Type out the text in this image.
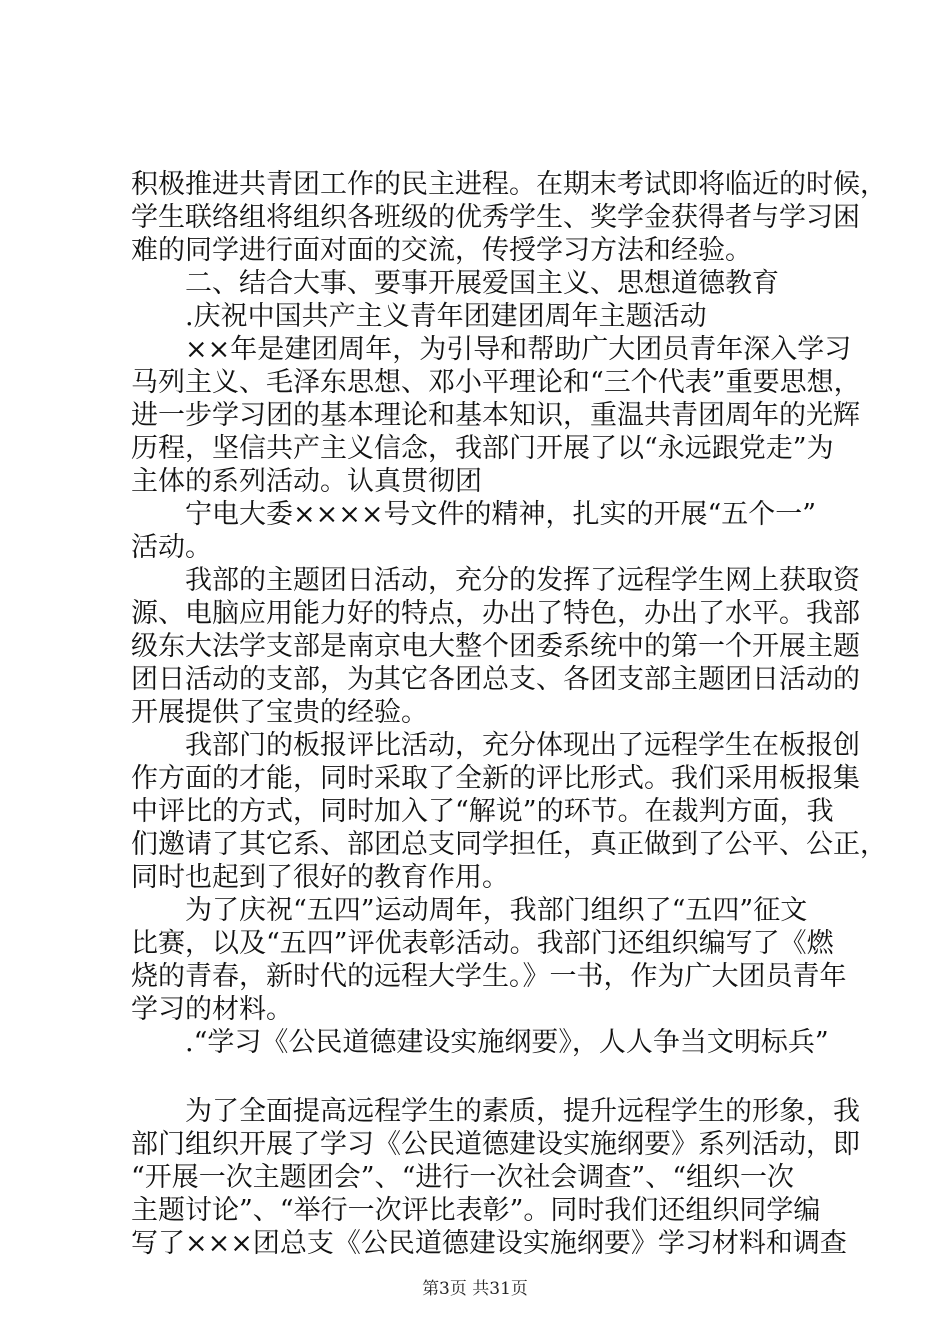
积极推进共青团工作的民主进程。在期末考试即将临近的时候，
学生联络组将组织各班级的优秀学生、奖学金获得者与学习困
难的同学进行面对面的交流，传授学习方法和经验。
二、结合大事、要事开展爱国主义、思想道德教育
.庆祝中国共产主义青年团建团周年主题活动
××年是建团周年，为引导和帮助广大团员青年深入学习
马列主义、毛泽东思想、邓小平理论和“三个代表”重要思想，
进一步学习团的基本理论和基本知识，重温共青团周年的光辉
历程，坚信共产主义信念，我部门开展了以“永远跟党走”为
主体的系列活动。认真贯彻团
宁电大委××××号文件的精神，扎实的开展“五个一”
活动。
我部的主题团日活动，充分的发挥了远程学生网上获取资
源、电脑应用能力好的特点，办出了特色，办出了水平。我部
级东大法学支部是南京电大整个团委系统中的第一个开展主题
团日活动的支部，为其它各团总支、各团支部主题团日活动的
开展提供了宝贵的经验。
我部门的板报评比活动，充分体现出了远程学生在板报创
作方面的才能，同时采取了全新的评比形式。我们采用板报集
中评比的方式，同时加入了“解说”的环节。在裁判方面，我
们邀请了其它系、部团总支同学担任，真正做到了公平、公正，
同时也起到了很好的教育作用。
为了庆祝“五四”运动周年，我部门组织了“五四”征文
比赛，以及“五四”评优表彰活动。我部门还组织编写了《燃
烧的青春，新时代的远程大学生。》一书，作为广大团员青年
学习的材料。
.“学习《公民道德建设实施纲要》，人人争当文明标兵”
为了全面提高远程学生的素质，提升远程学生的形象，我
部门组织开展了学习《公民道德建设实施纲要》系列活动，即
“开展一次主题团会”、“进行一次社会调查”、“组织一次
主题讨论”、“举行一次评比表彰”。同时我们还组织同学编
写了×××团总支《公民道德建设实施纲要》学习材料和调查
第3页 共31页
